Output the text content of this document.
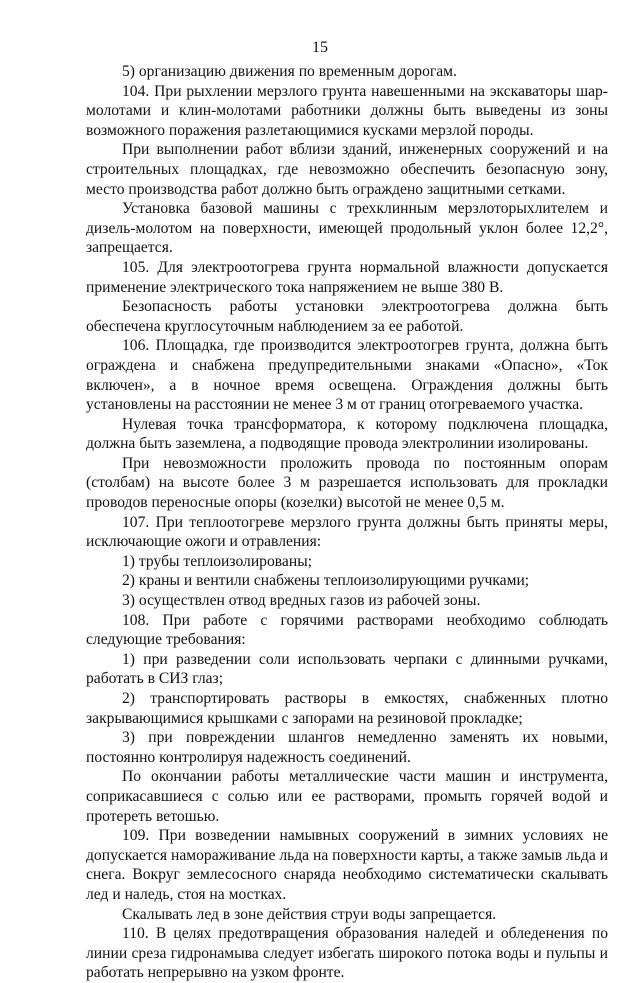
15

5) организацию движения по временным дорогам.

104. При рыхлении мерзлого грунта навешенными на экскаваторы шар-молотами и клин-молотами работники должны быть выведены из зоны возможного поражения разлетающимися кусками мерзлой породы.

При выполнении работ вблизи зданий, инженерных сооружений и на строительных площадках, где невозможно обеспечить безопасную зону, место производства работ должно быть ограждено защитными сетками.

Установка базовой машины с трехклинным мерзлоторыхлителем и дизель-молотом на поверхности, имеющей продольный уклон более 12,2°, запрещается.

105. Для электроотогрева грунта нормальной влажности допускается применение электрического тока напряжением не выше 380 В.

Безопасность работы установки электроотогрева должна быть обеспечена круглосуточным наблюдением за ее работой.

106. Площадка, где производится электроотогрев грунта, должна быть ограждена и снабжена предупредительными знаками «Опасно», «Ток включен», а в ночное время освещена. Ограждения должны быть установлены на расстоянии не менее 3 м от границ отогреваемого участка.

Нулевая точка трансформатора, к которому подключена площадка, должна быть заземлена, а подводящие провода электролинии изолированы.

При невозможности проложить провода по постоянным опорам (столбам) на высоте более 3 м разрешается использовать для прокладки проводов переносные опоры (козелки) высотой не менее 0,5 м.

107. При теплоотогреве мерзлого грунта должны быть приняты меры, исключающие ожоги и отравления:

1) трубы теплоизолированы;

2) краны и вентили снабжены теплоизолирующими ручками;

3) осуществлен отвод вредных газов из рабочей зоны.

108. При работе с горячими растворами необходимо соблюдать следующие требования:

1) при разведении соли использовать черпаки с длинными ручками, работать в СИЗ глаз;

2) транспортировать растворы в емкостях, снабженных плотно закрывающимися крышками с запорами на резиновой прокладке;

3) при повреждении шлангов немедленно заменять их новыми, постоянно контролируя надежность соединений.

По окончании работы металлические части машин и инструмента, соприкасавшиеся с солью или ее растворами, промыть горячей водой и протереть ветошью.

109. При возведении намывных сооружений в зимних условиях не допускается намораживание льда на поверхности карты, а также замыв льда и снега. Вокруг землесосного снаряда необходимо систематически скалывать лед и наледь, стоя на мостках.

Скалывать лед в зоне действия струи воды запрещается.

110. В целях предотвращения образования наледей и обледенения по линии среза гидронамыва следует избегать широкого потока воды и пульпы и работать непрерывно на узком фронте.
